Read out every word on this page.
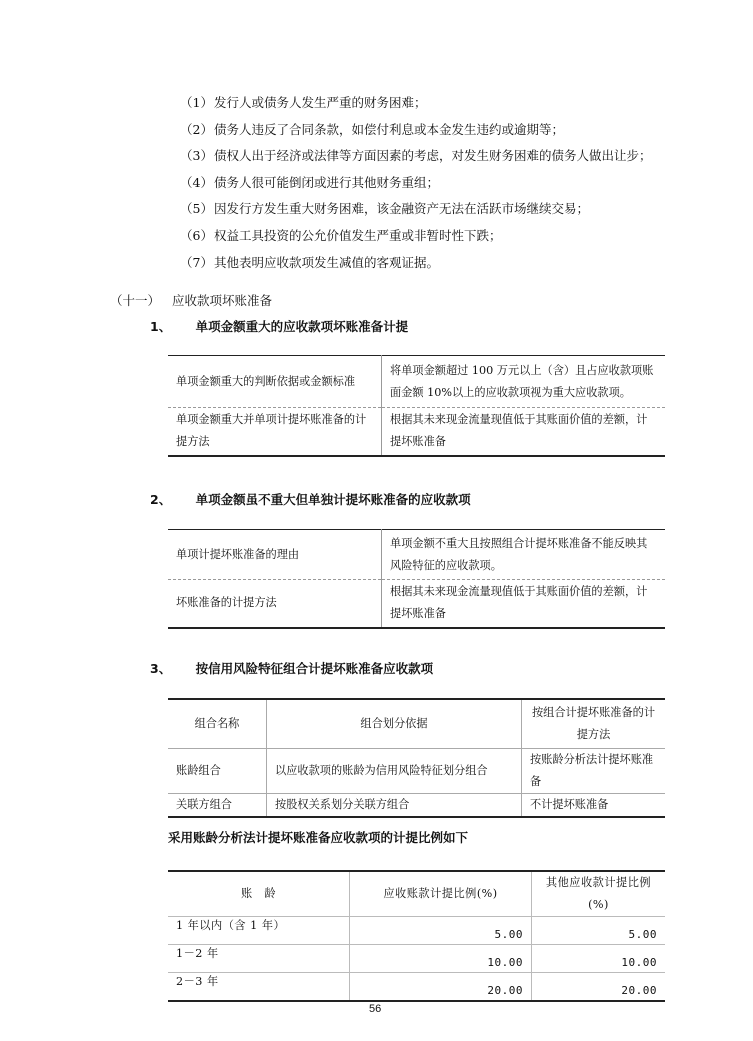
（1）发行人或债务人发生严重的财务困难；
（2）债务人违反了合同条款，如偿付利息或本金发生违约或逾期等；
（3）债权人出于经济或法律等方面因素的考虑，对发生财务困难的债务人做出让步；
（4）债务人很可能倒闭或进行其他财务重组；
（5）因发行方发生重大财务困难，该金融资产无法在活跃市场继续交易；
（6）权益工具投资的公允价值发生严重或非暂时性下跌；
（7）其他表明应收款项发生减值的客观证据。
（十一） 应收款项坏账准备
1、 单项金额重大的应收款项坏账准备计提
单项金额重大的判断依据或金额标准	将单项金额超过 100 万元以上（含）且占应收款项账面金额 10%以上的应收款项视为重大应收款项。
单项金额重大并单项计提坏账准备的计提方法	根据其未来现金流量现值低于其账面价值的差额，计提坏账准备
2、 单项金额虽不重大但单独计提坏账准备的应收款项
单项计提坏账准备的理由	单项金额不重大且按照组合计提坏账准备不能反映其风险特征的应收款项。
坏账准备的计提方法	根据其未来现金流量现值低于其账面价值的差额，计提坏账准备
3、 按信用风险特征组合计提坏账准备应收款项
组合名称	组合划分依据	按组合计提坏账准备的计提方法
账龄组合	以应收款项的账龄为信用风险特征划分组合	按账龄分析法计提坏账准备
关联方组合	按股权关系划分关联方组合	不计提坏账准备
采用账龄分析法计提坏账准备应收款项的计提比例如下
账　龄	应收账款计提比例(%)	其他应收款计提比例(%)
1 年以内（含 1 年）	5.00	5.00
1－2 年	10.00	10.00
2－3 年	20.00	20.00
56
